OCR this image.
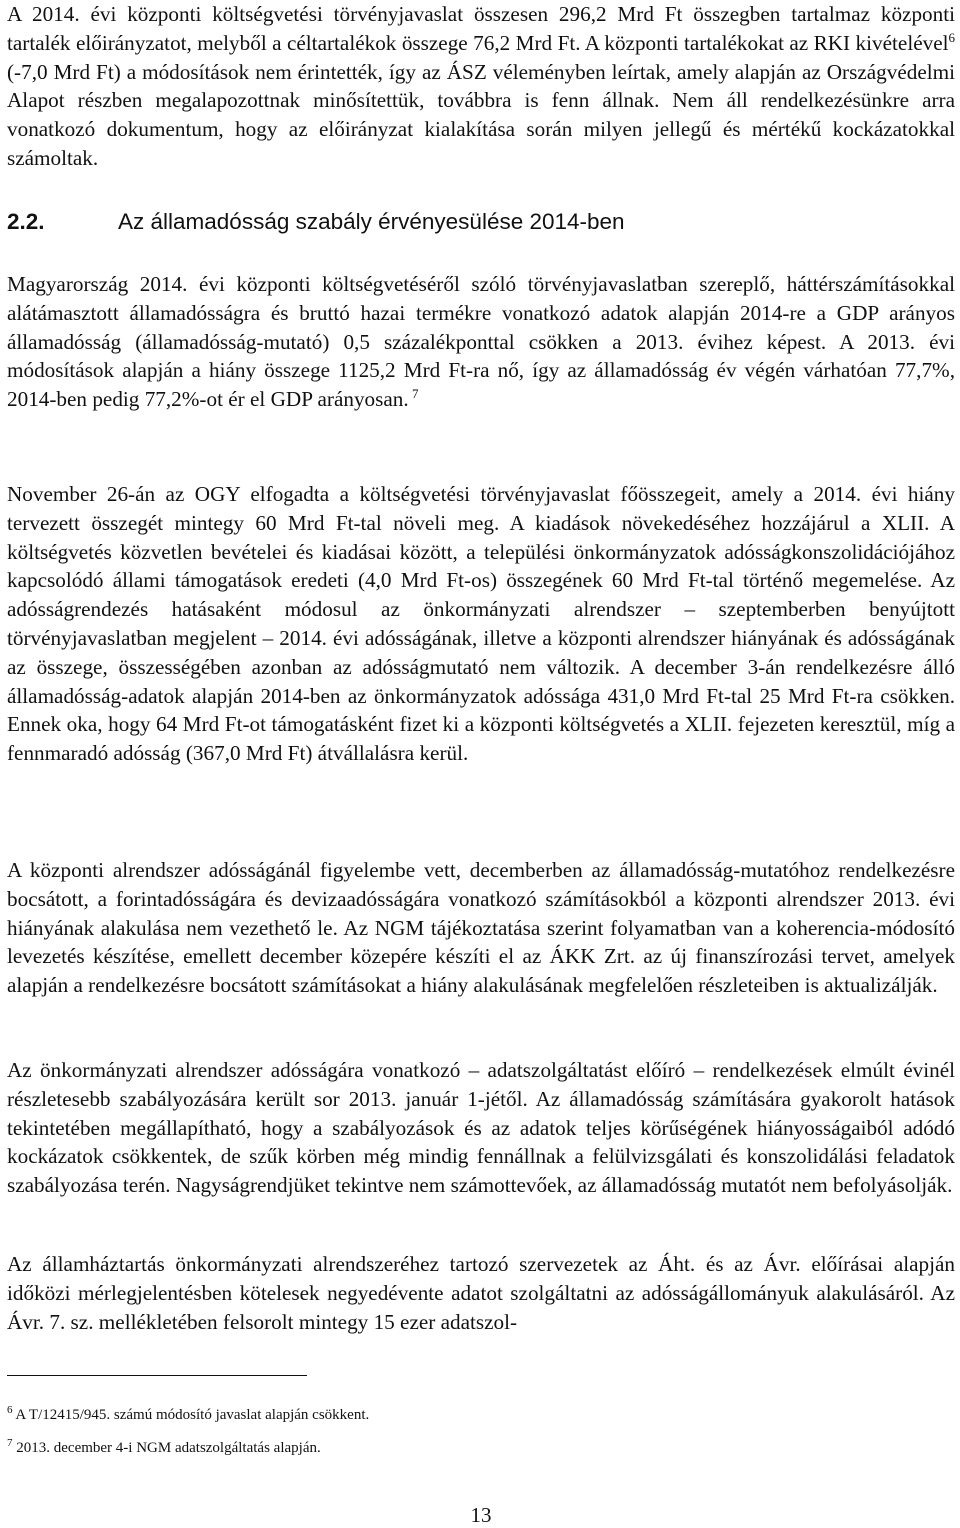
A 2014. évi központi költségvetési törvényjavaslat összesen 296,2 Mrd Ft összegben tartalmaz központi tartalék előirányzatot, melyből a céltartalékok összege 76,2 Mrd Ft. A központi tartalékokat az RKI kivételével$^6$ (-7,0 Mrd Ft) a módosítások nem érintették, így az ÁSZ véleményben leírtak, amely alapján az Országvédelmi Alapot részben megalapozottnak minősítettük, továbbra is fenn állnak. Nem áll rendelkezésünkre arra vonatkozó dokumentum, hogy az előirányzat kialakítása során milyen jellegű és mértékű kockázatokkal számoltak.

2.2.	Az államadósság szabály érvényesülése 2014-ben

Magyarország 2014. évi központi költségvetéséről szóló törvényjavaslatban szereplő, háttérszámításokkal alátámasztott államadósságra és bruttó hazai termékre vonatkozó adatok alapján 2014-re a GDP arányos államadósság (államadósság-mutató) 0,5 százalékponttal csökken a 2013. évihez képest. A 2013. évi módosítások alapján a hiány összege 1125,2 Mrd Ft-ra nő, így az államadósság év végén várhatóan 77,7%, 2014-ben pedig 77,2%-ot ér el GDP arányosan. $^7$

November 26-án az OGY elfogadta a költségvetési törvényjavaslat főösszegeit, amely a 2014. évi hiány tervezett összegét mintegy 60 Mrd Ft-tal növeli meg. A kiadások növekedéséhez hozzájárul a XLII. A költségvetés közvetlen bevételei és kiadásai között, a települési önkormányzatok adósságkonszolidációjához kapcsolódó állami támogatások eredeti (4,0 Mrd Ft-os) összegének 60 Mrd Ft-tal történő megemelése. Az adósságrendezés hatásaként módosul az önkormányzati alrendszer – szeptemberben benyújtott törvényjavaslatban megjelent – 2014. évi adósságának, illetve a központi alrendszer hiányának és adósságának az összege, összességében azonban az adósságmutató nem változik. A december 3-án rendelkezésre álló államadósság-adatok alapján 2014-ben az önkormányzatok adóssága 431,0 Mrd Ft-tal 25 Mrd Ft-ra csökken. Ennek oka, hogy 64 Mrd Ft-ot támogatásként fizet ki a központi költségvetés a XLII. fejezeten keresztül, míg a fennmaradó adósság (367,0 Mrd Ft) átvállalásra kerül.

A központi alrendszer adósságánál figyelembe vett, decemberben az államadósság-mutatóhoz rendelkezésre bocsátott, a forintadósságára és devizaadósságára vonatkozó számításokból a központi alrendszer 2013. évi hiányának alakulása nem vezethető le. Az NGM tájékoztatása szerint folyamatban van a koherencia-módosító levezetés készítése, emellett december közepére készíti el az ÁKK Zrt. az új finanszírozási tervet, amelyek alapján a rendelkezésre bocsátott számításokat a hiány alakulásának megfelelően részleteiben is aktualizálják.

Az önkormányzati alrendszer adósságára vonatkozó – adatszolgáltatást előíró – rendelkezések elmúlt évinél részletesebb szabályozására került sor 2013. január 1-jétől. Az államadósság számítására gyakorolt hatások tekintetében megállapítható, hogy a szabályozások és az adatok teljes körűségének hiányosságaiból adódó kockázatok csökkentek, de szűk körben még mindig fennállnak a felülvizsgálati és konszolidálási feladatok szabályozása terén. Nagyságrendjüket tekintve nem számottevőek, az államadósság mutatót nem befolyásolják.

Az államháztartás önkormányzati alrendszeréhez tartozó szervezetek az Áht. és az Ávr. előírásai alapján időközi mérlegjelentésben kötelesek negyedévente adatot szolgáltatni az adósságállományuk alakulásáról. Az Ávr. 7. sz. mellékletében felsorolt mintegy 15 ezer adatszol-

$^6$ A T/12415/945. számú módosító javaslat alapján csökkent.
$^7$ 2013. december 4-i NGM adatszolgáltatás alapján.
13
